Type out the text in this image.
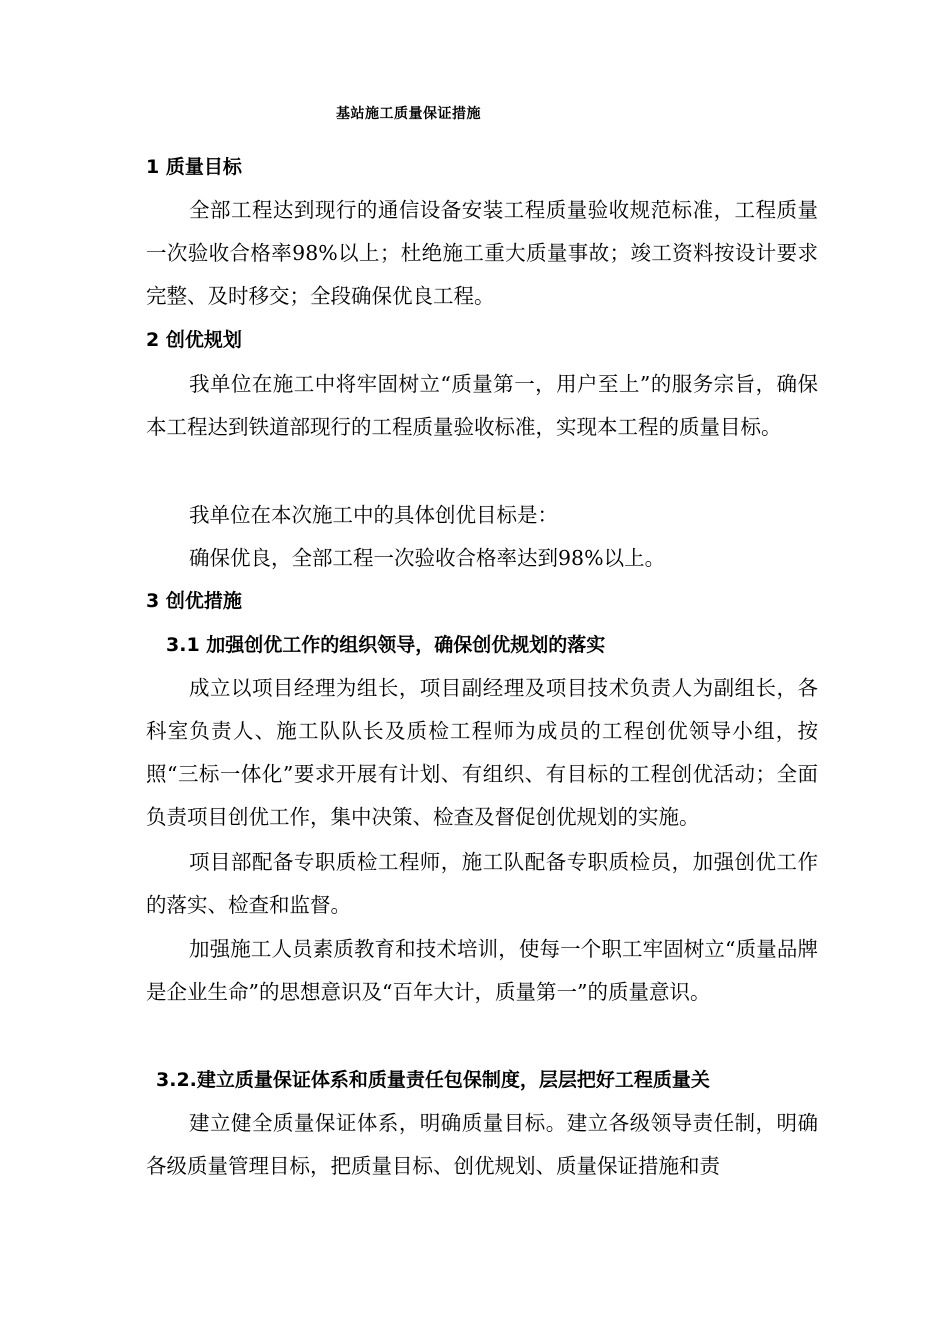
基站施工质量保证措施
1 质量目标

全部工程达到现行的通信设备安装工程质量验收规范标准，工程质量一次验收合格率98%以上；杜绝施工重大质量事故；竣工资料按设计要求完整、及时移交；全段确保优良工程。

2 创优规划

我单位在施工中将牢固树立“质量第一，用户至上”的服务宗旨，确保本工程达到铁道部现行的工程质量验收标准，实现本工程的质量目标。

我单位在本次施工中的具体创优目标是：

确保优良，全部工程一次验收合格率达到98%以上。

3 创优措施
3.1 加强创优工作的组织领导，确保创优规划的落实

成立以项目经理为组长，项目副经理及项目技术负责人为副组长，各科室负责人、施工队队长及质检工程师为成员的工程创优领导小组，按照“三标一体化”要求开展有计划、有组织、有目标的工程创优活动；全面负责项目创优工作，集中决策、检查及督促创优规划的实施。

项目部配备专职质检工程师，施工队配备专职质检员，加强创优工作的落实、检查和监督。

加强施工人员素质教育和技术培训，使每一个职工牢固树立“质量品牌是企业生命”的思想意识及“百年大计，质量第一”的质量意识。

3.2.建立质量保证体系和质量责任包保制度，层层把好工程质量关

建立健全质量保证体系，明确质量目标。建立各级领导责任制，明确各级质量管理目标，把质量目标、创优规划、质量保证措施和责
